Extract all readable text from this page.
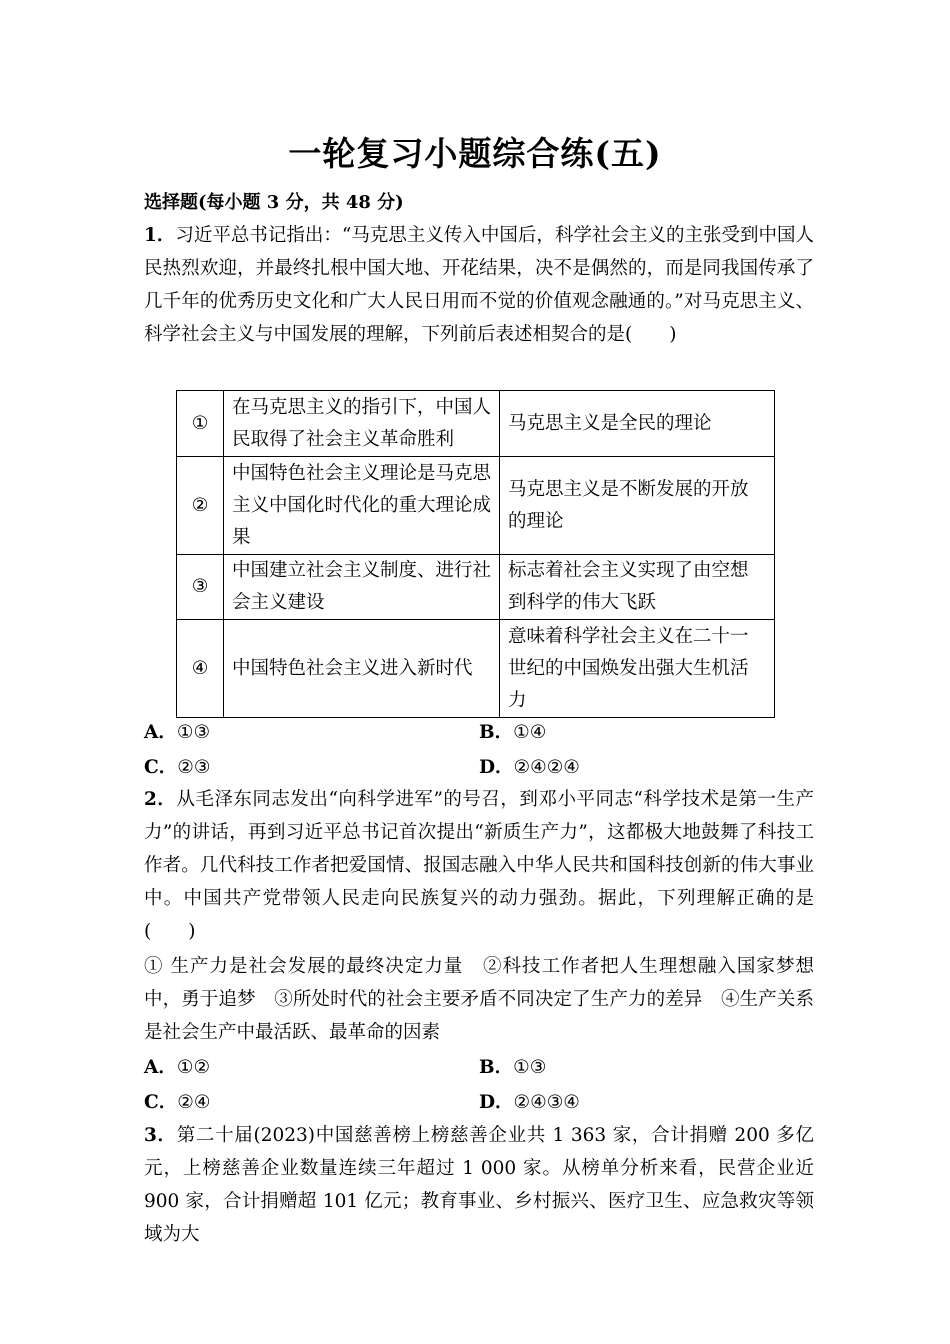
一轮复习小题综合练(五)
选择题(每小题 3 分，共 48 分)

1．习近平总书记指出：“马克思主义传入中国后，科学社会主义的主张受到中国人民热烈欢迎，并最终扎根中国大地、开花结果，决不是偶然的，而是同我国传承了几千年的优秀历史文化和广大人民日用而不觉的价值观念融通的。”对马克思主义、科学社会主义与中国发展的理解，下列前后表述相契合的是(　　)

①	在马克思主义的指引下，中国人民取得了社会主义革命胜利	马克思主义是全民的理论
②	中国特色社会主义理论是马克思主义中国化时代化的重大理论成果	马克思主义是不断发展的开放的理论
③	中国建立社会主义制度、进行社会主义建设	标志着社会主义实现了由空想到科学的伟大飞跃
④	中国特色社会主义进入新时代	意味着科学社会主义在二十一世纪的中国焕发出强大生机活力
A．①③	B．①④
C．②③	D．②④②④

2．从毛泽东同志发出“向科学进军”的号召，到邓小平同志“科学技术是第一生产力”的讲话，再到习近平总书记首次提出“新质生产力”，这都极大地鼓舞了科技工作者。几代科技工作者把爱国情、报国志融入中华人民共和国科技创新的伟大事业中。中国共产党带领人民走向民族复兴的动力强劲。据此，下列理解正确的是(　　)

① 生产力是社会发展的最终决定力量　②科技工作者把人生理想融入国家梦想中，勇于追梦　③所处时代的社会主要矛盾不同决定了生产力的差异　④生产关系是社会生产中最活跃、最革命的因素

A．①②	B．①③
C．②④	D．②④③④

3．第二十届(2023)中国慈善榜上榜慈善企业共 1 363 家，合计捐赠 200 多亿元，上榜慈善企业数量连续三年超过 1 000 家。从榜单分析来看，民营企业近 900 家，合计捐赠超 101 亿元；教育事业、乡村振兴、医疗卫生、应急救灾等领域为大
